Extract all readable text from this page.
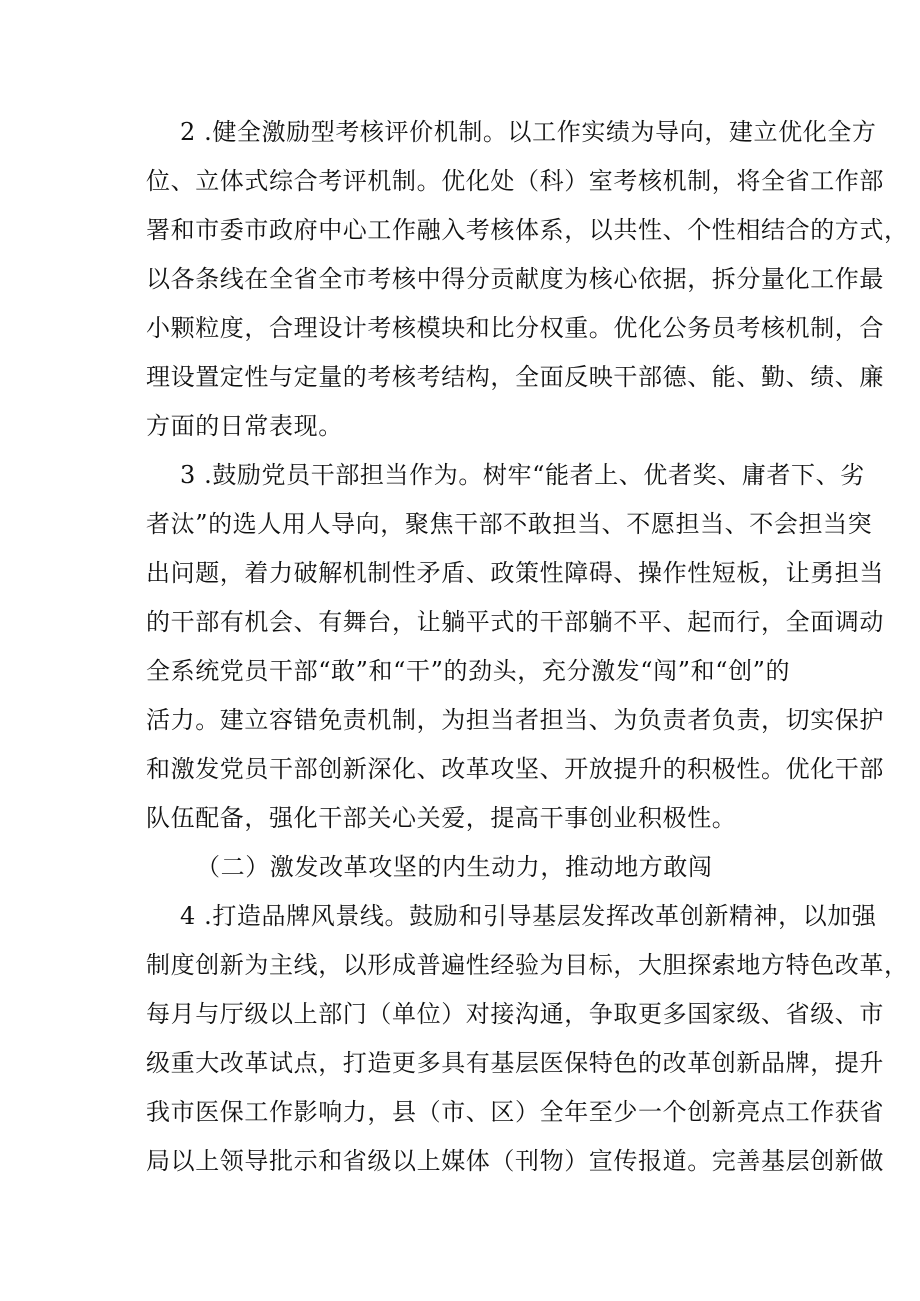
2 .健全激励型考核评价机制。以工作实绩为导向，建立优化全方
位、立体式综合考评机制。优化处（科）室考核机制，将全省工作部
署和市委市政府中心工作融入考核体系，以共性、个性相结合的方式，
以各条线在全省全市考核中得分贡献度为核心依据，拆分量化工作最
小颗粒度，合理设计考核模块和比分权重。优化公务员考核机制，合
理设置定性与定量的考核考结构，全面反映干部德、能、勤、绩、廉
方面的日常表现。
3 .鼓励党员干部担当作为。树牢“能者上、优者奖、庸者下、劣
者汰”的选人用人导向，聚焦干部不敢担当、不愿担当、不会担当突
出问题，着力破解机制性矛盾、政策性障碍、操作性短板，让勇担当
的干部有机会、有舞台，让躺平式的干部躺不平、起而行，全面调动
全系统党员干部“敢”和“干”的劲头，充分激发“闯”和“创”的
活力。建立容错免责机制，为担当者担当、为负责者负责，切实保护
和激发党员干部创新深化、改革攻坚、开放提升的积极性。优化干部
队伍配备，强化干部关心关爱，提高干事创业积极性。
（二）激发改革攻坚的内生动力，推动地方敢闯
4 .打造品牌风景线。鼓励和引导基层发挥改革创新精神，以加强
制度创新为主线，以形成普遍性经验为目标，大胆探索地方特色改革，
每月与厅级以上部门（单位）对接沟通，争取更多国家级、省级、市
级重大改革试点，打造更多具有基层医保特色的改革创新品牌，提升
我市医保工作影响力，县（市、区）全年至少一个创新亮点工作获省
局以上领导批示和省级以上媒体（刊物）宣传报道。完善基层创新做
